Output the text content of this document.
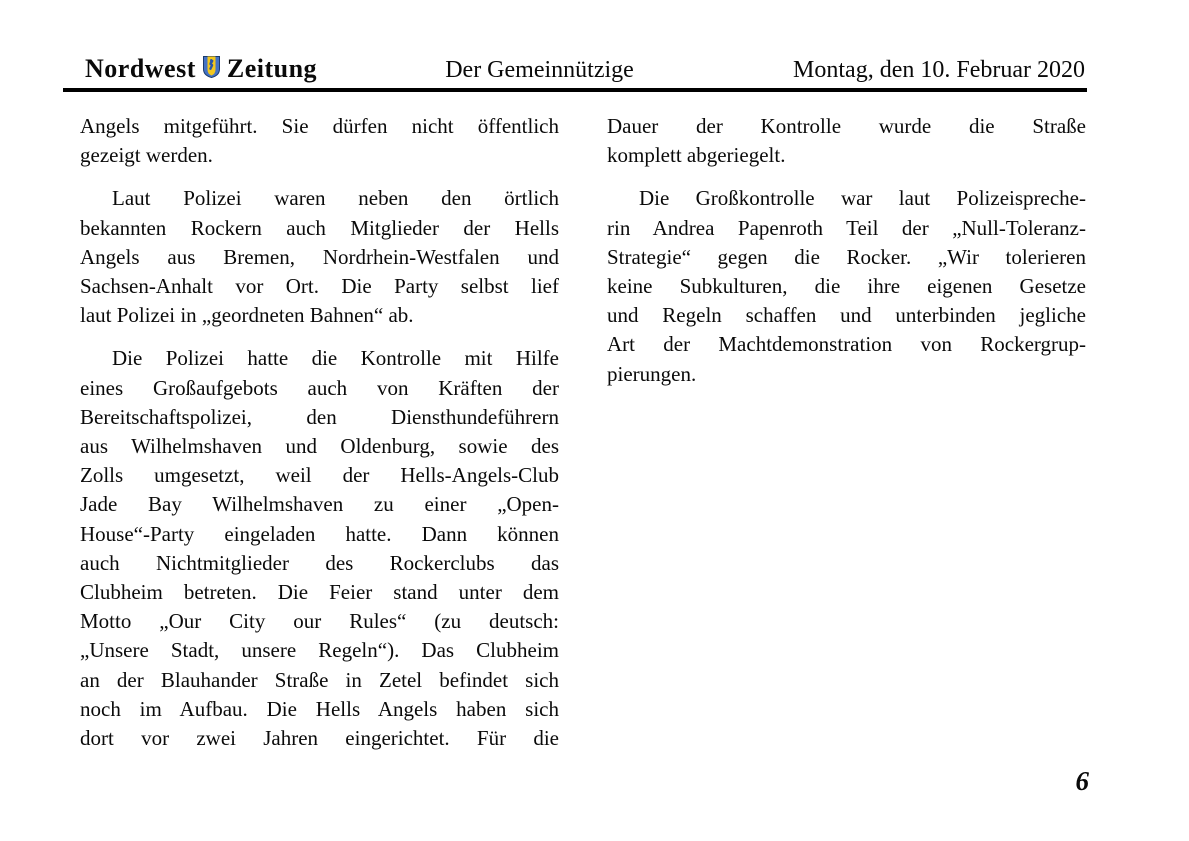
Nordwest Zeitung	Der Gemeinnützige	Montag, den 10. Februar 2020
Angels mitgeführt. Sie dürfen nicht öffentlich
gezeigt werden.
Laut Polizei waren neben den örtlich
bekannten Rockern auch Mitglieder der Hells
Angels aus Bremen, Nordrhein-Westfalen und
Sachsen-Anhalt vor Ort. Die Party selbst lief
laut Polizei in „geordneten Bahnen“ ab.
Die Polizei hatte die Kontrolle mit Hilfe
eines Großaufgebots auch von Kräften der
Bereitschaftspolizei, den Diensthundeführern
aus Wilhelmshaven und Oldenburg, sowie des
Zolls umgesetzt, weil der Hells-Angels-Club
Jade Bay Wilhelmshaven zu einer „Open-
House“-Party eingeladen hatte. Dann können
auch Nichtmitglieder des Rockerclubs das
Clubheim betreten. Die Feier stand unter dem
Motto „Our City our Rules“ (zu deutsch:
„Unsere Stadt, unsere Regeln“). Das Clubheim
an der Blauhander Straße in Zetel befindet sich
noch im Aufbau. Die Hells Angels haben sich
dort vor zwei Jahren eingerichtet. Für die
Dauer der Kontrolle wurde die Straße
komplett abgeriegelt.
Die Großkontrolle war laut Polizeispreche-
rin Andrea Papenroth Teil der „Null-Toleranz-
Strategie“ gegen die Rocker. „Wir tolerieren
keine Subkulturen, die ihre eigenen Gesetze
und Regeln schaffen und unterbinden jegliche
Art der Machtdemonstration von Rockergrup-
pierungen.
6
